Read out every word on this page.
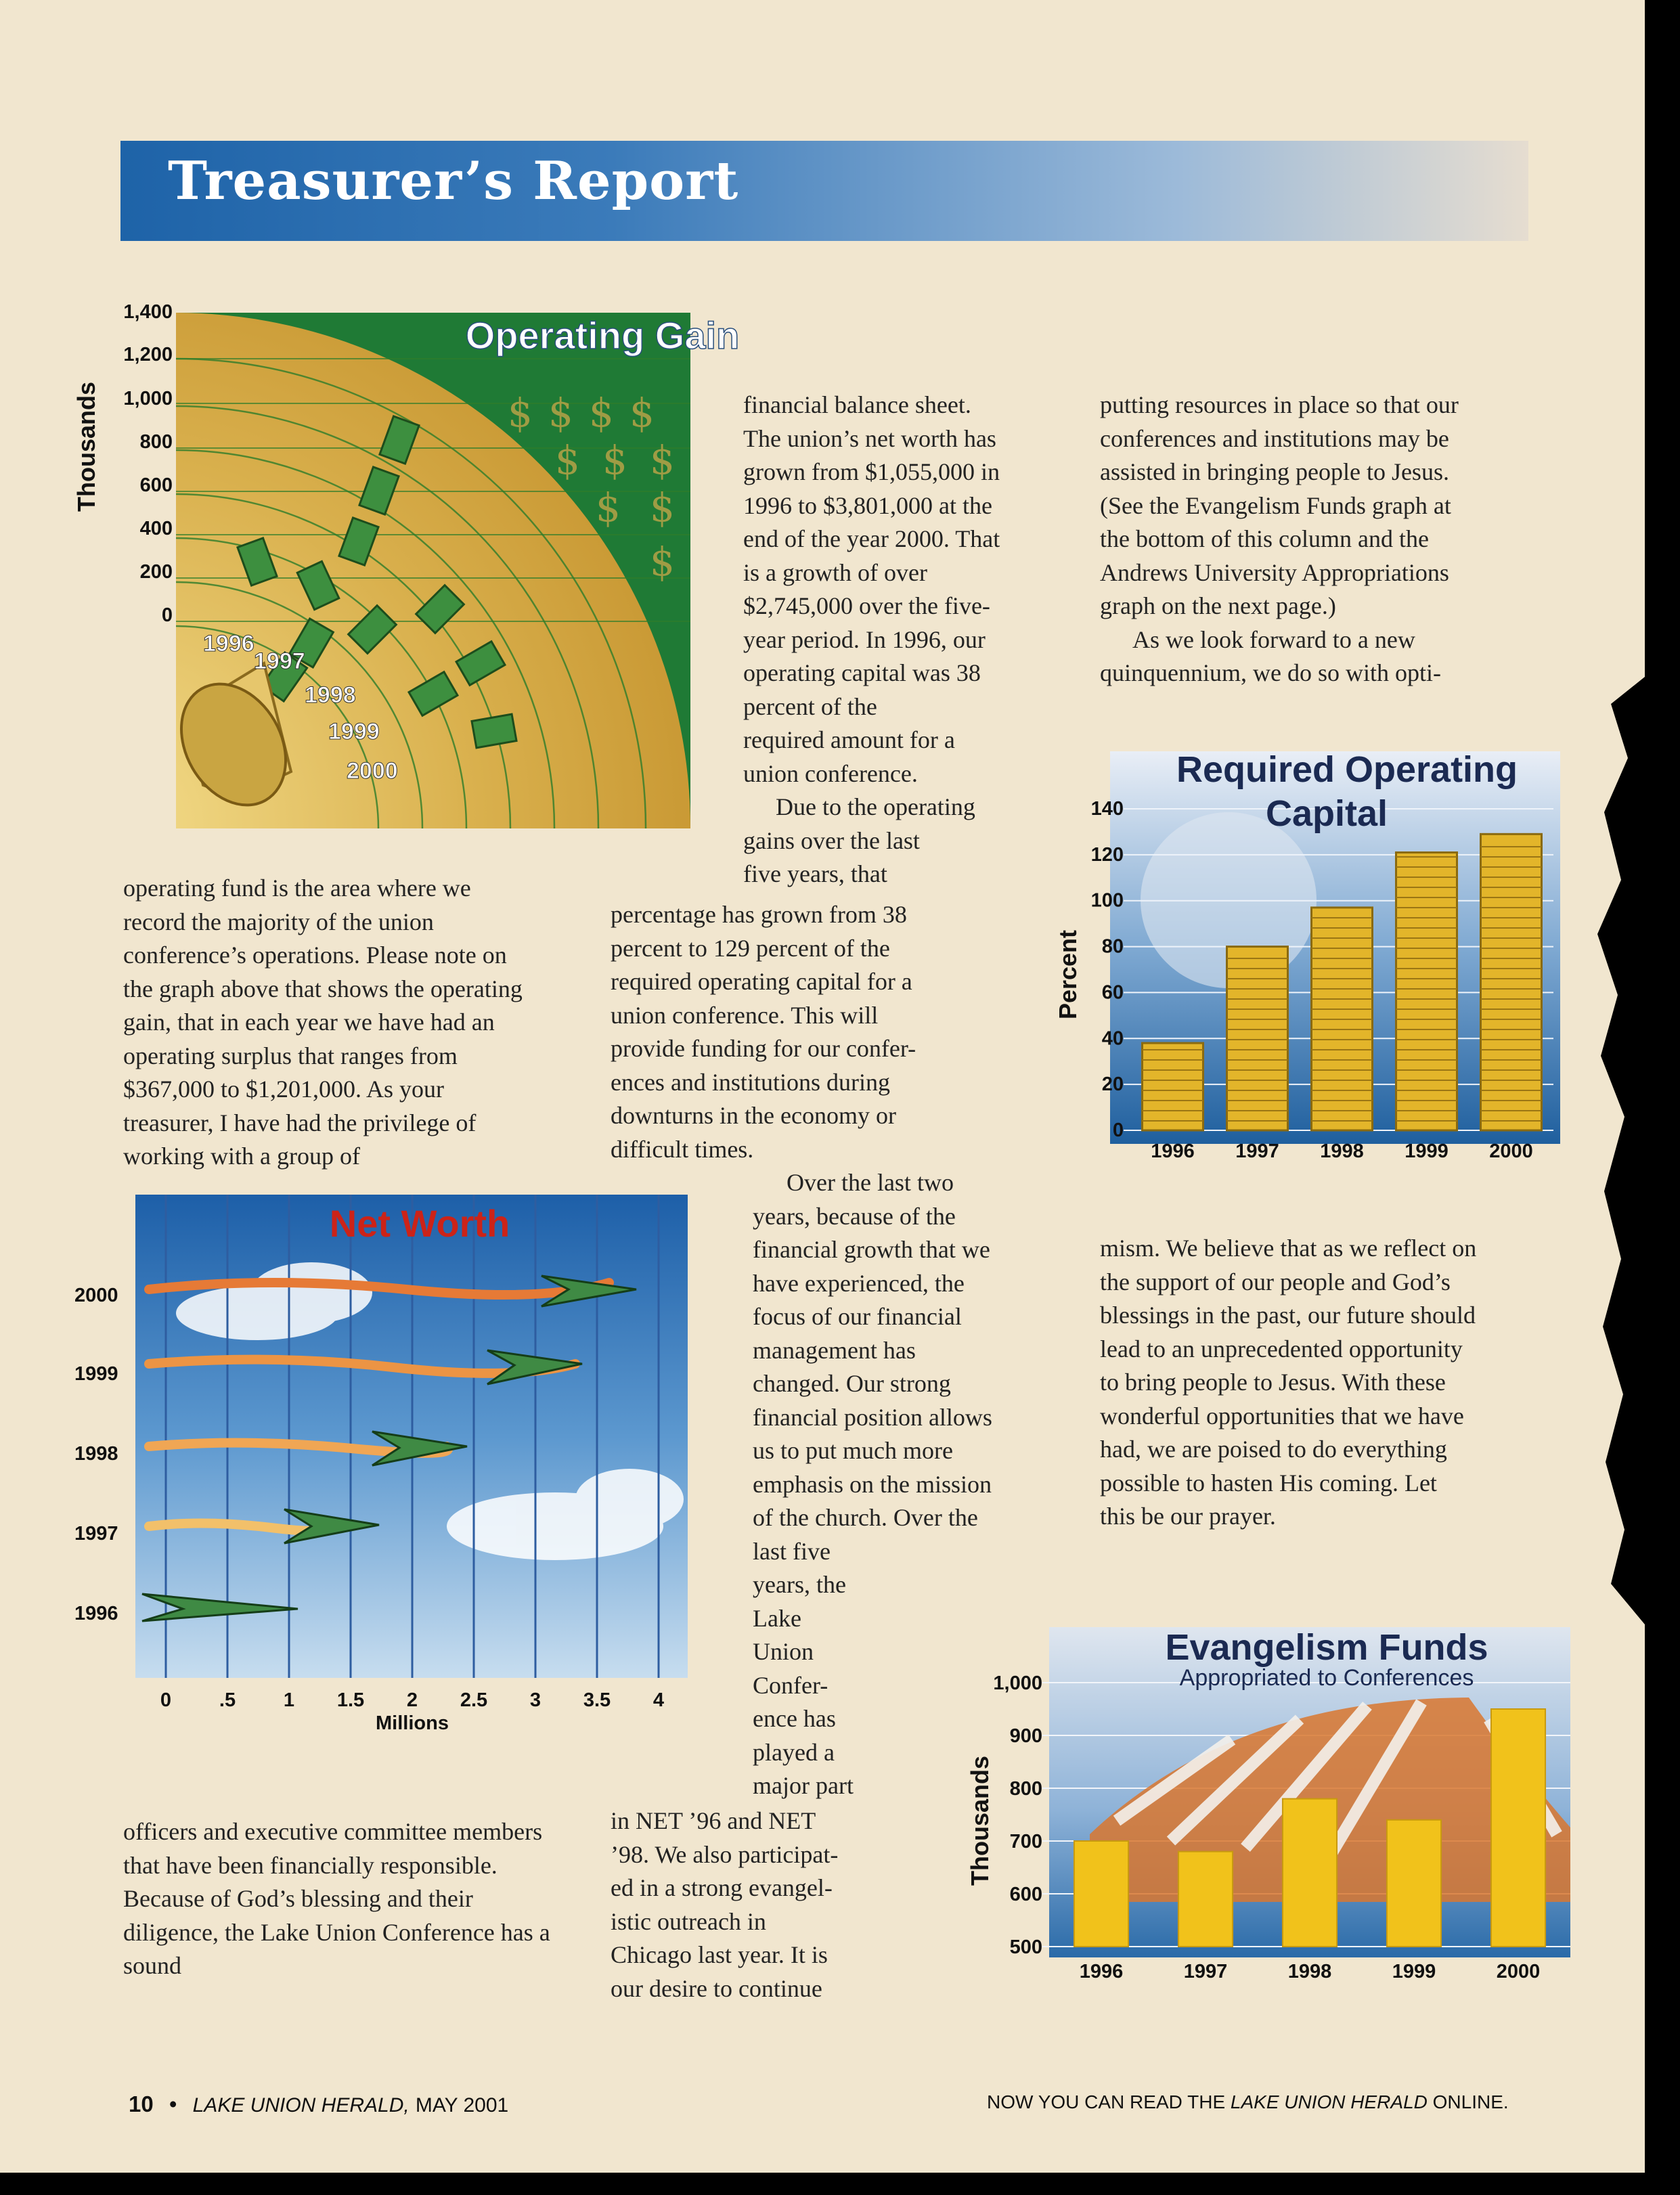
Treasurer’s Report
$ $ $ $
$ $ $
$ $
$
Operating Gain
Thousands
1,400
1,200
1,000
800
600
400
200
0
1996
1997
1998
1999
2000
operating fund is the area where we record the majority of the union conference’s operations. Please note on the graph above that shows the operating gain, that in each year we have had an operating surplus that ranges from $367,000 to $1,201,000. As your treasurer, I have had the privilege of working with a group of
Net Worth
2000
1999
1998
1997
1996
0 .5 1 1.5 2 2.5 3 3.5 4
Millions
officers and executive committee members that have been financially responsible. Because of God’s blessing and their diligence, the Lake Union Conference has a sound

financial balance sheet.

The union’s net worth has

grown from $1,055,000 in

1996 to $3,801,000 at the

end of the year 2000. That

is a growth of over

$2,745,000 over the five-

year period. In 1996, our

operating capital was 38

percent of the

required amount for a

union conference.

Due to the operating

gains over the last

five years, that

percentage has grown from 38

percent to 129 percent of the

required operating capital for a

union conference. This will

provide funding for our confer-

ences and institutions during

downturns in the economy or

difficult times.

Over the last two

years, because of the

financial growth that we

have experienced, the

focus of our financial

management has

changed. Our strong

financial position allows

us to put much more

emphasis on the mission

of the church. Over the

last five

years, the

Lake

Union

Confer-

ence has

played a

major part

in NET ’96 and NET

’98. We also participat-

ed in a strong evangel-

istic outreach in

Chicago last year. It is

our desire to continue

putting resources in place so that our

conferences and institutions may be

assisted in bringing people to Jesus.

(See the Evangelism Funds graph at

the bottom of this column and the

Andrews University Appropriations

graph on the next page.)

As we look forward to a new

quinquennium, we do so with opti-

0
20
40
60
80
100
120
140
1996 1997 1998 1999 2000
Percent
Required Operating
Capital

mism. We believe that as we reflect on

the support of our people and God’s

blessings in the past, our future should

lead to an unprecedented opportunity

to bring people to Jesus. With these

wonderful opportunities that we have

had, we are poised to do everything

possible to hasten His coming. Let

this be our prayer.

500
600
700
800
900
1,000
1996	1997	1998	1999	2000
Thousands
Evangelism Funds
Appropriated to Conferences
10 • LAKE UNION HERALD, MAY 2001	NOW YOU CAN READ THE LAKE UNION HERALD ONLINE.
